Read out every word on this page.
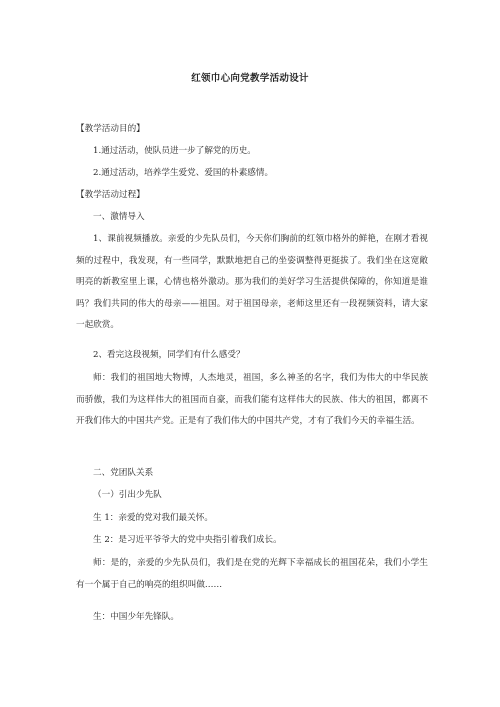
红领巾心向党教学活动设计
【教学活动目的】
1.通过活动，使队员进一步了解党的历史。
2.通过活动，培养学生爱党、爱国的朴素感情。
【教学活动过程】
一、激情导入
1、课前视频播放。亲爱的少先队员们，今天你们胸前的红领巾格外的鲜艳，在刚才看视频的过程中，我发现，有一些同学，默默地把自己的坐姿调整得更挺拔了。我们坐在这宽敞明亮的新教室里上课，心情也格外激动。那为我们的美好学习生活提供保障的，你知道是谁吗？我们共同的伟大的母亲——祖国。对于祖国母亲，老师这里还有一段视频资料，请大家一起欣赏。
2、看完这段视频，同学们有什么感受？
师：我们的祖国地大物博，人杰地灵，祖国，多么神圣的名字，我们为伟大的中华民族而骄傲，我们为这样伟大的祖国而自豪，而我们能有这样伟大的民族、伟大的祖国，都离不开我们伟大的中国共产党。正是有了我们伟大的中国共产党，才有了我们今天的幸福生活。
二、党团队关系
（一）引出少先队
生 1：亲爱的党对我们最关怀。
生 2：是习近平爷爷大的党中央指引着我们成长。
师：是的，亲爱的少先队员们，我们是在党的光辉下幸福成长的祖国花朵，我们小学生有一个属于自己的响亮的组织叫做……
生：中国少年先锋队。
